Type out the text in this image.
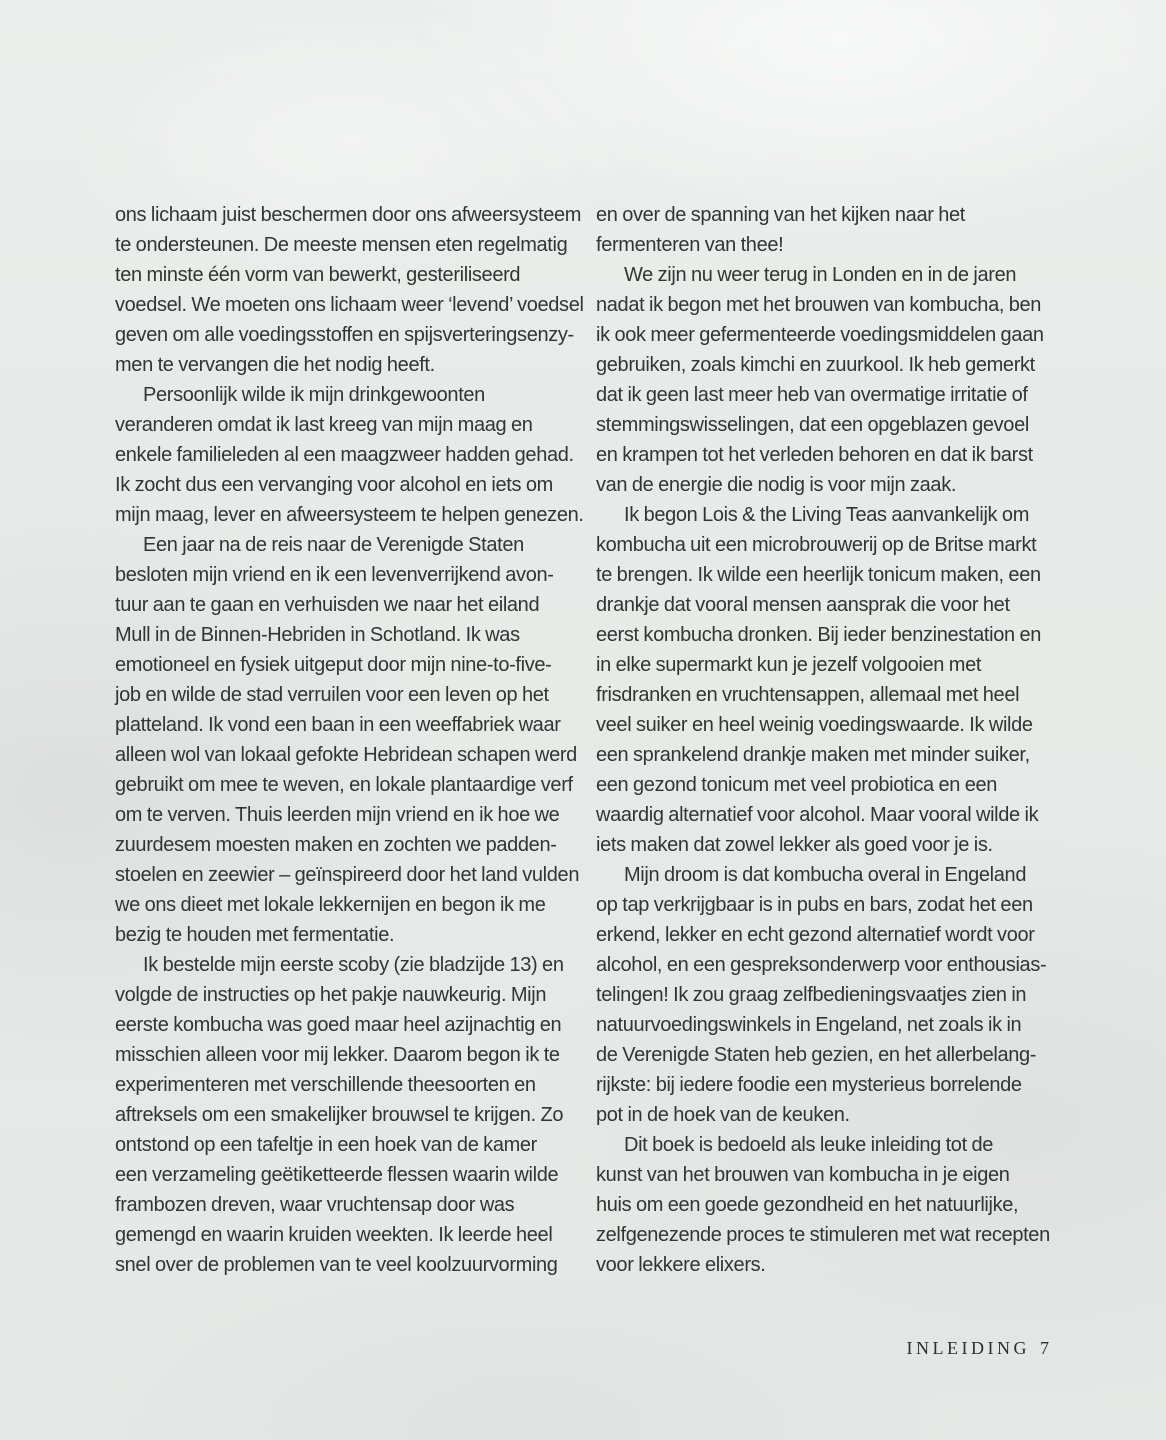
ons lichaam juist beschermen door ons afweersysteem
te ondersteunen. De meeste mensen eten regelmatig
ten minste één vorm van bewerkt, gesteriliseerd
voedsel. We moeten ons lichaam weer ‘levend’ voedsel
geven om alle voedingsstoffen en spijsverteringsenzy-
men te vervangen die het nodig heeft.
Persoonlijk wilde ik mijn drinkgewoonten
veranderen omdat ik last kreeg van mijn maag en
enkele familieleden al een maagzweer hadden gehad.
Ik zocht dus een vervanging voor alcohol en iets om
mijn maag, lever en afweersysteem te helpen genezen.
Een jaar na de reis naar de Verenigde Staten
besloten mijn vriend en ik een levenverrijkend avon-
tuur aan te gaan en verhuisden we naar het eiland
Mull in de Binnen-Hebriden in Schotland. Ik was
emotioneel en fysiek uitgeput door mijn nine-to-five-
job en wilde de stad verruilen voor een leven op het
platteland. Ik vond een baan in een weeffabriek waar
alleen wol van lokaal gefokte Hebridean schapen werd
gebruikt om mee te weven, en lokale plantaardige verf
om te verven. Thuis leerden mijn vriend en ik hoe we
zuurdesem moesten maken en zochten we padden-
stoelen en zeewier – geïnspireerd door het land vulden
we ons dieet met lokale lekkernijen en begon ik me
bezig te houden met fermentatie.
Ik bestelde mijn eerste scoby (zie bladzijde 13) en
volgde de instructies op het pakje nauwkeurig. Mijn
eerste kombucha was goed maar heel azijnachtig en
misschien alleen voor mij lekker. Daarom begon ik te
experimenteren met verschillende theesoorten en
aftreksels om een smakelijker brouwsel te krijgen. Zo
ontstond op een tafeltje in een hoek van de kamer
een verzameling geëtiketteerde flessen waarin wilde
frambozen dreven, waar vruchtensap door was
gemengd en waarin kruiden weekten. Ik leerde heel
snel over de problemen van te veel koolzuurvorming
en over de spanning van het kijken naar het
fermenteren van thee!
We zijn nu weer terug in Londen en in de jaren
nadat ik begon met het brouwen van kombucha, ben
ik ook meer gefermenteerde voedingsmiddelen gaan
gebruiken, zoals kimchi en zuurkool. Ik heb gemerkt
dat ik geen last meer heb van overmatige irritatie of
stemmingswisselingen, dat een opgeblazen gevoel
en krampen tot het verleden behoren en dat ik barst
van de energie die nodig is voor mijn zaak.
Ik begon Lois & the Living Teas aanvankelijk om
kombucha uit een microbrouwerij op de Britse markt
te brengen. Ik wilde een heerlijk tonicum maken, een
drankje dat vooral mensen aansprak die voor het
eerst kombucha dronken. Bij ieder benzinestation en
in elke supermarkt kun je jezelf volgooien met
frisdranken en vruchtensappen, allemaal met heel
veel suiker en heel weinig voedingswaarde. Ik wilde
een sprankelend drankje maken met minder suiker,
een gezond tonicum met veel probiotica en een
waardig alternatief voor alcohol. Maar vooral wilde ik
iets maken dat zowel lekker als goed voor je is.
Mijn droom is dat kombucha overal in Engeland
op tap verkrijgbaar is in pubs en bars, zodat het een
erkend, lekker en echt gezond alternatief wordt voor
alcohol, en een gespreksonderwerp voor enthousias-
telingen! Ik zou graag zelfbedieningsvaatjes zien in
natuurvoedingswinkels in Engeland, net zoals ik in
de Verenigde Staten heb gezien, en het allerbelang-
rijkste: bij iedere foodie een mysterieus borrelende
pot in de hoek van de keuken.
Dit boek is bedoeld als leuke inleiding tot de
kunst van het brouwen van kombucha in je eigen
huis om een goede gezondheid en het natuurlijke,
zelfgenezende proces te stimuleren met wat recepten
voor lekkere elixers.
INLEIDING 7
